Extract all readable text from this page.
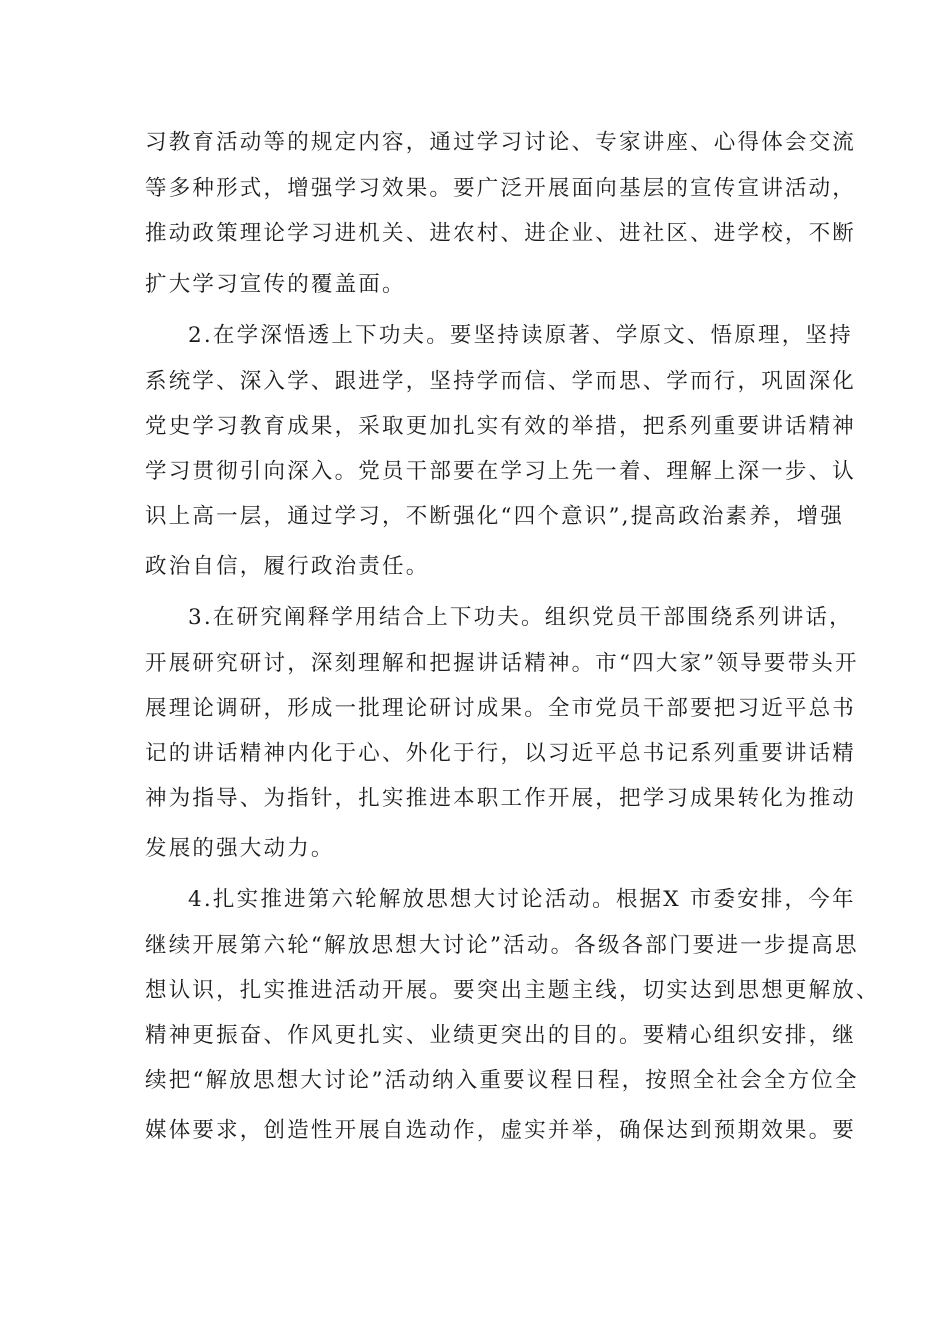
习教育活动等的规定内容，通过学习讨论、专家讲座、心得体会交流
等多种形式，增强学习效果。要广泛开展面向基层的宣传宣讲活动，
推动政策理论学习进机关、进农村、进企业、进社区、进学校，不断
扩大学习宣传的覆盖面。
2.在学深悟透上下功夫。要坚持读原著、学原文、悟原理，坚持
系统学、深入学、跟进学，坚持学而信、学而思、学而行，巩固深化
党史学习教育成果，采取更加扎实有效的举措，把系列重要讲话精神
学习贯彻引向深入。党员干部要在学习上先一着、理解上深一步、认
识上高一层，通过学习，不断强化“四个意识”,提高政治素养，增强
政治自信，履行政治责任。
3.在研究阐释学用结合上下功夫。组织党员干部围绕系列讲话，
开展研究研讨，深刻理解和把握讲话精神。市“四大家”领导要带头开
展理论调研，形成一批理论研讨成果。全市党员干部要把习近平总书
记的讲话精神内化于心、外化于行，以习近平总书记系列重要讲话精
神为指导、为指针，扎实推进本职工作开展，把学习成果转化为推动
发展的强大动力。
4.扎实推进第六轮解放思想大讨论活动。根据X 市委安排，今年
继续开展第六轮“解放思想大讨论”活动。各级各部门要进一步提高思
想认识，扎实推进活动开展。要突出主题主线，切实达到思想更解放、
精神更振奋、作风更扎实、业绩更突出的目的。要精心组织安排，继
续把“解放思想大讨论”活动纳入重要议程日程，按照全社会全方位全
媒体要求，创造性开展自选动作，虚实并举，确保达到预期效果。要
